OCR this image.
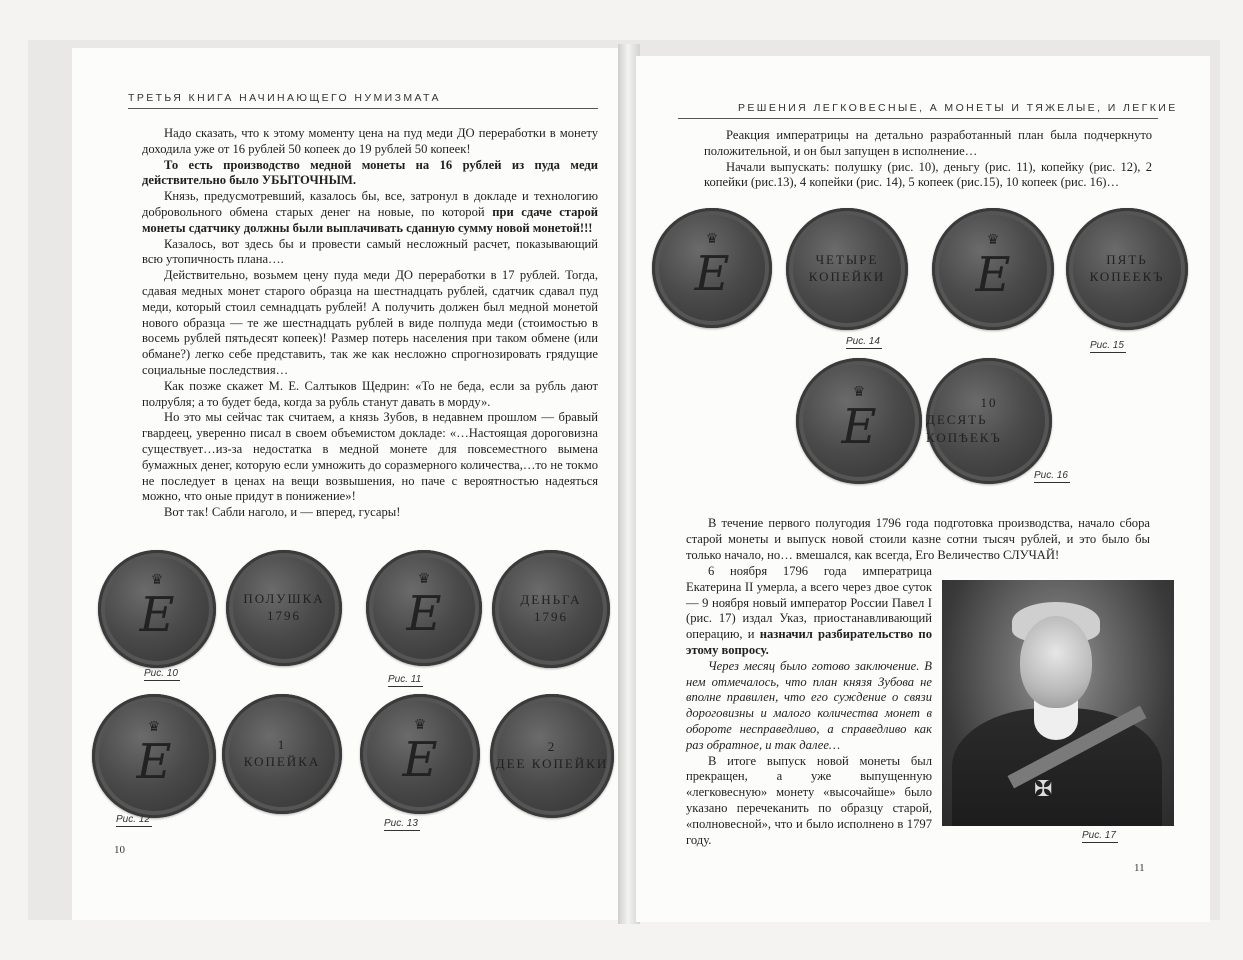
ТРЕТЬЯ КНИГА НАЧИНАЮЩЕГО НУМИЗМАТА

Надо сказать, что к этому моменту цена на пуд меди ДО переработки в монету доходила уже от 16 рублей 50 копеек до 19 рублей 50 копеек!

То есть производство медной монеты на 16 рублей из пуда меди действительно было УБЫТОЧНЫМ.

Князь, предусмотревший, казалось бы, все, затронул в докладе и технологию добровольного обмена старых денег на новые, по которой при сдаче старой монеты сдатчику должны были выплачивать сданную сумму новой монетой!!!

Казалось, вот здесь бы и провести самый несложный расчет, показывающий всю утопичность плана….

Действительно, возьмем цену пуда меди ДО переработки в 17 рублей. Тогда, сдавая медных монет старого образца на шестнадцать рублей, сдатчик сдавал пуд меди, который стоил семнадцать рублей! А получить должен был медной монетой нового образца — те же шестнадцать рублей в виде полпуда меди (стоимостью в восемь рублей пятьдесят копеек)! Размер потерь населения при таком обмене (или обмане?) легко себе представить, так же как несложно спрогнозировать грядущие социальные последствия…

Как позже скажет М. Е. Салтыков Щедрин: «То не беда, если за рубль дают полрубля; а то будет беда, когда за рубль станут давать в морду».

Но это мы сейчас так считаем, а князь Зубов, в недавнем прошлом — бравый гвардеец, уверенно писал в своем объемистом докладе: «…Настоящая дороговизна существует…из-за недостатка в медной монете для повсеместного вымена бумажных денег, которую если умножить до соразмерного количества,…то не токмо не последует в ценах на вещи возвышения, но паче с вероятностью надеяться можно, что оные придут в понижение»!

Вот так! Сабли наголо, и — вперед, гусары!

♛
Е	ПОЛУШКА
1796
♛
Е	ДЕНЬГА
1796
Рис. 10
Рис. 11
♛
Е	1
КОПЕЙКА
♛
Е	2
ДЕЕ КОПЕЙКИ
Рис. 12	Рис. 13
10
РЕШЕНИЯ ЛЕГКОВЕСНЫЕ, А МОНЕТЫ И ТЯЖЕЛЫЕ, И ЛЕГКИЕ

Реакция императрицы на детально разработанный план была подчеркнуто положительной, и он был запущен в исполнение…

Начали выпускать: полушку (рис. 10), деньгу (рис. 11), копейку (рис. 12), 2 копейки (рис.13), 4 копейки (рис. 14), 5 копеек (рис.15), 10 копеек (рис. 16)…

♛
Е	ЧЕТЫРЕ
КОПЕЙКИ
♛
Е	ПЯТЬ
КОПЕЕКЪ
Рис. 14	Рис. 15
♛
Е	10
ДЕСЯТЬ КОПѢЕКЪ
Рис. 16

В течение первого полугодия 1796 года подготовка производства, начало сбора старой монеты и выпуск новой стоили казне сотни тысяч рублей, и это было бы только начало, но… вмешался, как всегда, Его Величество СЛУЧАЙ!

6 ноября 1796 года императрица Екатерина II умерла, а всего через двое суток — 9 ноября новый император России Павел I (рис. 17) издал Указ, приостанавливающий операцию, и назначил разбирательство по этому вопросу.

Через месяц было готово заключение. В нем отмечалось, что план князя Зубова не вполне правилен, что его суждение о связи дороговизны и малого количества монет в обороте несправедливо, а справедливо как раз обратное, и так далее…

В итоге выпуск новой монеты был прекращен, а уже выпущенную «легковесную» монету «высочайше» было указано перечеканить по образцу старой, «полновесной», что и было исполнено в 1797 году.

✠
Рис. 17
11
